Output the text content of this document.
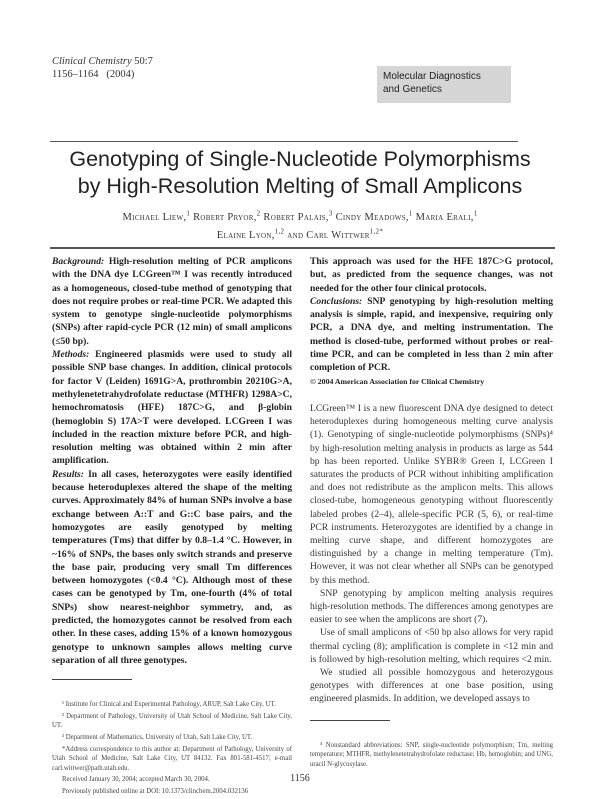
Clinical Chemistry 50:7
1156–1164   (2004)	Molecular Diagnostics
and Genetics
Genotyping of Single-Nucleotide Polymorphisms
by High-Resolution Melting of Small Amplicons
Michael Liew,$^1$ Robert Pryor,$^2$ Robert Palais,$^3$ Cindy Meadows,$^1$ Maria Erali,$^1$
Elaine Lyon,$^{1,2}$ and Carl Wittwer$^{1,2*}$

Background: High-resolution melting of PCR amplicons with the DNA dye LCGreen™ I was recently introduced as a homogeneous, closed-tube method of genotyping that does not require probes or real-time PCR. We adapted this system to genotype single-nucleotide polymorphisms (SNPs) after rapid-cycle PCR (12 min) of small amplicons (≤50 bp).

Methods: Engineered plasmids were used to study all possible SNP base changes. In addition, clinical protocols for factor V (Leiden) 1691G>A, prothrombin 20210G>A, methylenetetrahydrofolate reductase (MTHFR) 1298A>C, hemochromatosis (HFE) 187C>G, and β-globin (hemoglobin S) 17A>T were developed. LCGreen I was included in the reaction mixture before PCR, and high-resolution melting was obtained within 2 min after amplification.

Results: In all cases, heterozygotes were easily identified because heteroduplexes altered the shape of the melting curves. Approximately 84% of human SNPs involve a base exchange between A::T and G::C base pairs, and the homozygotes are easily genotyped by melting temperatures (Tms) that differ by 0.8–1.4 °C. However, in ~16% of SNPs, the bases only switch strands and preserve the base pair, producing very small Tm differences between homozygotes (<0.4 °C). Although most of these cases can be genotyped by Tm, one-fourth (4% of total SNPs) show nearest-neighbor symmetry, and, as predicted, the homozygotes cannot be resolved from each other. In these cases, adding 15% of a known homozygous genotype to unknown samples allows melting curve separation of all three genotypes.

¹ Institute for Clinical and Experimental Pathology, ARUP, Salt Lake City, UT.

² Department of Pathology, University of Utah School of Medicine, Salt Lake City, UT.

³ Department of Mathematics, University of Utah, Salt Lake City, UT.

*Address correspondence to this author at: Department of Pathology, University of Utah School of Medicine, Salt Lake City, UT 84132. Fax 801-581-4517; e-mail carl.wittwer@path.utah.edu.

Received January 30, 2004; accepted March 30, 2004.

Previously published online at DOI: 10.1373/clinchem.2004.032136

This approach was used for the HFE 187C>G protocol, but, as predicted from the sequence changes, was not needed for the other four clinical protocols.

Conclusions: SNP genotyping by high-resolution melting analysis is simple, rapid, and inexpensive, requiring only PCR, a DNA dye, and melting instrumentation. The method is closed-tube, performed without probes or real-time PCR, and can be completed in less than 2 min after completion of PCR.

© 2004 American Association for Clinical Chemistry

LCGreen™ I is a new fluorescent DNA dye designed to detect heteroduplexes during homogeneous melting curve analysis (1). Genotyping of single-nucleotide polymorphisms (SNPs)⁴ by high-resolution melting analysis in products as large as 544 bp has been reported. Unlike SYBR® Green I, LCGreen I saturates the products of PCR without inhibiting amplification and does not redistribute as the amplicon melts. This allows closed-tube, homogeneous genotyping without fluorescently labeled probes (2–4), allele-specific PCR (5, 6), or real-time PCR instruments. Heterozygotes are identified by a change in melting curve shape, and different homozygotes are distinguished by a change in melting temperature (Tm). However, it was not clear whether all SNPs can be genotyped by this method.

SNP genotyping by amplicon melting analysis requires high-resolution methods. The differences among genotypes are easier to see when the amplicons are short (7).

Use of small amplicons of <50 bp also allows for very rapid thermal cycling (8); amplification is complete in <12 min and is followed by high-resolution melting, which requires <2 min.

We studied all possible homozygous and heterozygous genotypes with differences at one base position, using engineered plasmids. In addition, we developed assays to

⁴ Nonstandard abbreviations: SNP, single-nucleotide polymorphism; Tm, melting temperature; MTHFR, methylenetetrahydrofolate reductase; Hb, hemoglobin; and UNG, uracil N-glycosylase.

1156
